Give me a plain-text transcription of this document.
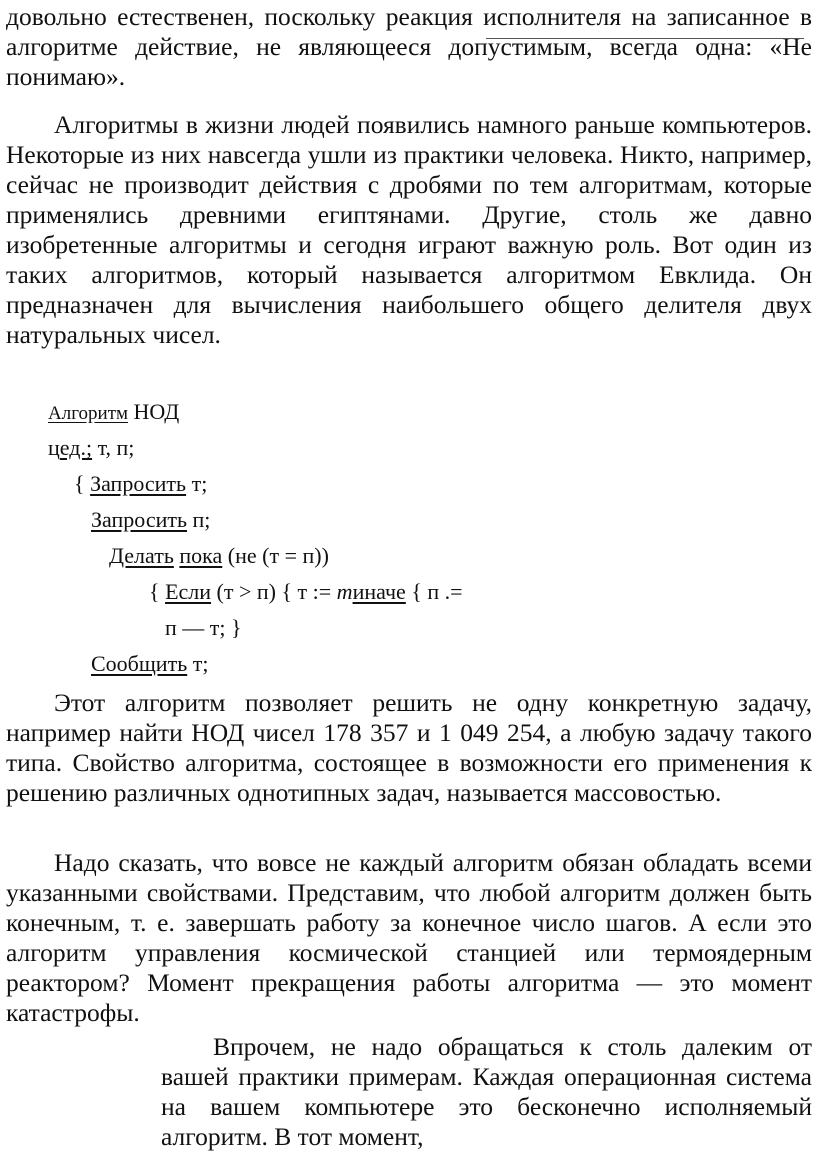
довольно естественен, поскольку реакция исполнителя на записанное в алгоритме действие, не являющееся допустимым, всегда одна: «Не понимаю».

Алгоритмы в жизни людей появились намного раньше компьютеров. Некоторые из них навсегда ушли из практики человека. Никто, например, сейчас не производит действия с дробями по тем алгоритмам, которые применялись древними египтянами. Другие, столь же давно изобретенные алгоритмы и сегодня играют важную роль. Вот один из таких алгоритмов, который называется алгоритмом Евклида. Он предназначен для вычисления наибольшего общего делителя двух натуральных чисел.

Алгоритм НОД
цед.; т, п;
{ Запросить т;
Запросить п;
Делать пока (не (т = п))
{ Если (т > п) { т := тиначе { п .=
п — т; }
Сообщить т;

Этот алгоритм позволяет решить не одну конкретную задачу, например найти НОД чисел 178 357 и 1 049 254, а любую задачу такого типа. Свойство алгоритма, состоящее в возможности его применения к решению различных однотипных задач, называется массовостью.

Надо сказать, что вовсе не каждый алгоритм обязан обладать всеми указанными свойствами. Представим, что любой алгоритм должен быть конечным, т. е. завершать работу за конечное число шагов. А если это алгоритм управления космической станцией или термоядерным реактором? Момент прекращения работы алгоритма — это момент катастрофы.

Впрочем, не надо обращаться к столь далеким от вашей практики примерам. Каждая операционная система на вашем компьютере это бесконечно исполняемый алгоритм. В тот момент,
